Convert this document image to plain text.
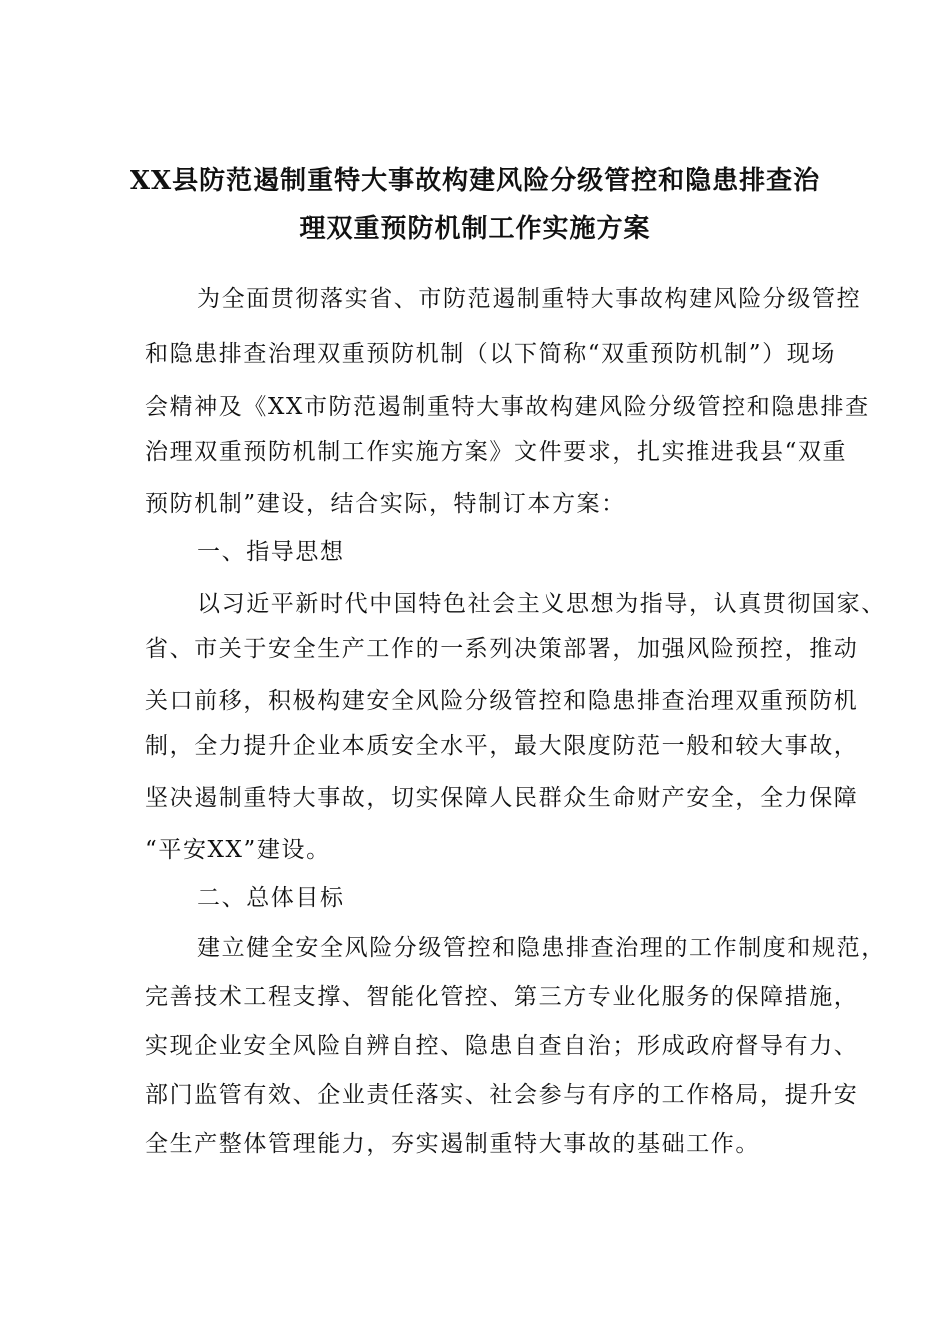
XX县防范遏制重特大事故构建风险分级管控和隐患排查治
理双重预防机制工作实施方案
为全面贯彻落实省、市防范遏制重特大事故构建风险分级管控
和隐患排查治理双重预防机制（以下简称“双重预防机制”）现场
会精神及《XX市防范遏制重特大事故构建风险分级管控和隐患排查
治理双重预防机制工作实施方案》文件要求，扎实推进我县“双重
预防机制”建设，结合实际，特制订本方案：
一、指导思想
以习近平新时代中国特色社会主义思想为指导，认真贯彻国家、
省、市关于安全生产工作的一系列决策部署，加强风险预控，推动
关口前移，积极构建安全风险分级管控和隐患排查治理双重预防机
制，全力提升企业本质安全水平，最大限度防范一般和较大事故，
坚决遏制重特大事故，切实保障人民群众生命财产安全，全力保障
“平安XX”建设。
二、总体目标
建立健全安全风险分级管控和隐患排查治理的工作制度和规范，
完善技术工程支撑、智能化管控、第三方专业化服务的保障措施，
实现企业安全风险自辨自控、隐患自查自治；形成政府督导有力、
部门监管有效、企业责任落实、社会参与有序的工作格局，提升安
全生产整体管理能力，夯实遏制重特大事故的基础工作。
